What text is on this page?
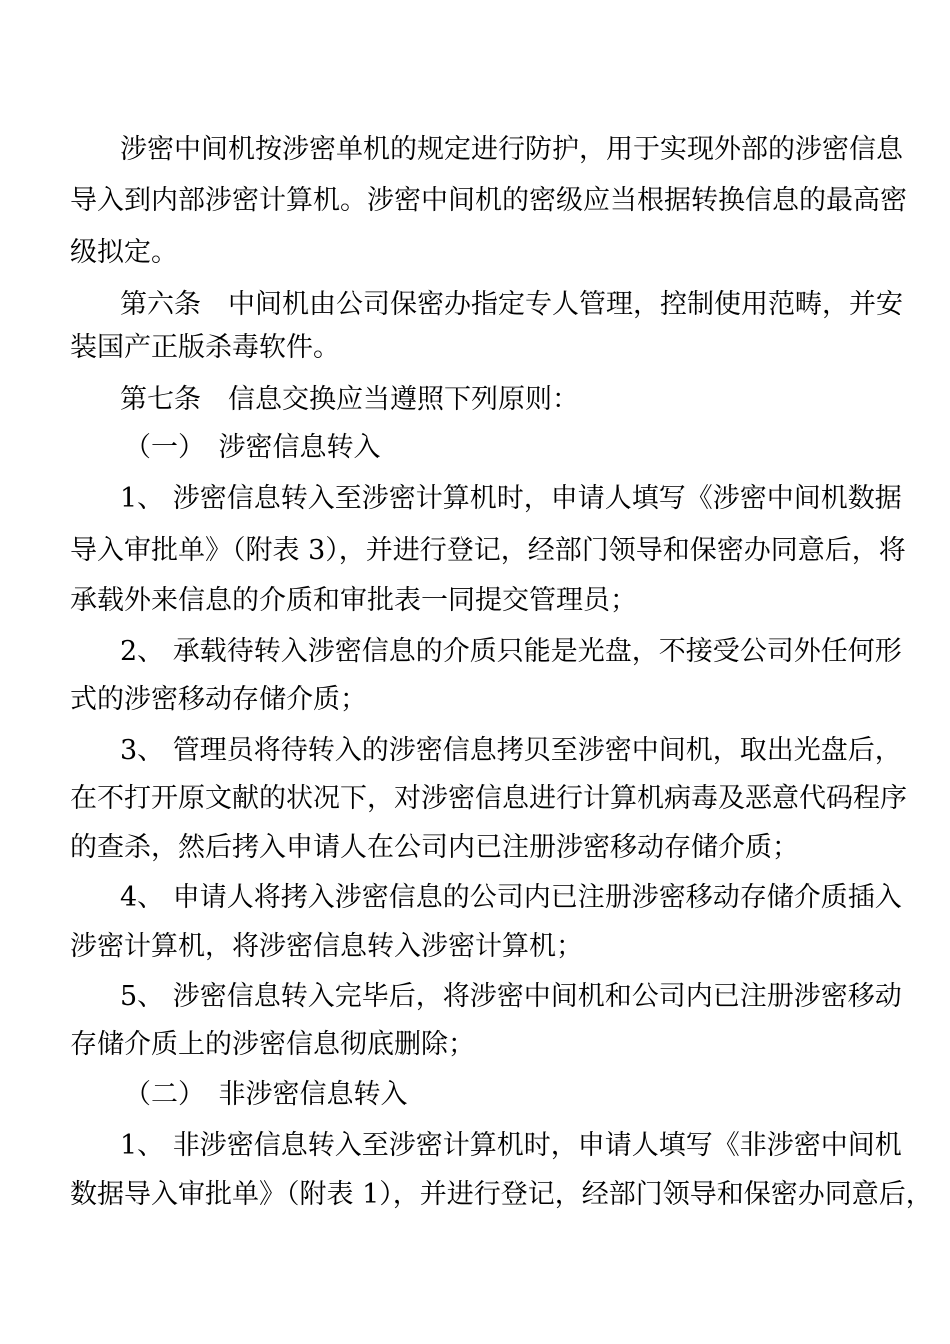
涉密中间机按涉密单机的规定进行防护，用于实现外部的涉密信息
导入到内部涉密计算机。涉密中间机的密级应当根据转换信息的最高密
级拟定。
第六条　中间机由公司保密办指定专人管理，控制使用范畴，并安
装国产正版杀毒软件。
第七条　信息交换应当遵照下列原则：
（一）　涉密信息转入
1、 涉密信息转入至涉密计算机时，申请人填写《涉密中间机数据
导入审批单》（附表 3），并进行登记，经部门领导和保密办同意后，将
承载外来信息的介质和审批表一同提交管理员；
2、 承载待转入涉密信息的介质只能是光盘，不接受公司外任何形
式的涉密移动存储介质；
3、 管理员将待转入的涉密信息拷贝至涉密中间机，取出光盘后，
在不打开原文献的状况下，对涉密信息进行计算机病毒及恶意代码程序
的查杀，然后拷入申请人在公司内已注册涉密移动存储介质；
4、 申请人将拷入涉密信息的公司内已注册涉密移动存储介质插入
涉密计算机，将涉密信息转入涉密计算机；
5、 涉密信息转入完毕后，将涉密中间机和公司内已注册涉密移动
存储介质上的涉密信息彻底删除；
（二）　非涉密信息转入
1、 非涉密信息转入至涉密计算机时，申请人填写《非涉密中间机
数据导入审批单》（附表 1），并进行登记，经部门领导和保密办同意后，
